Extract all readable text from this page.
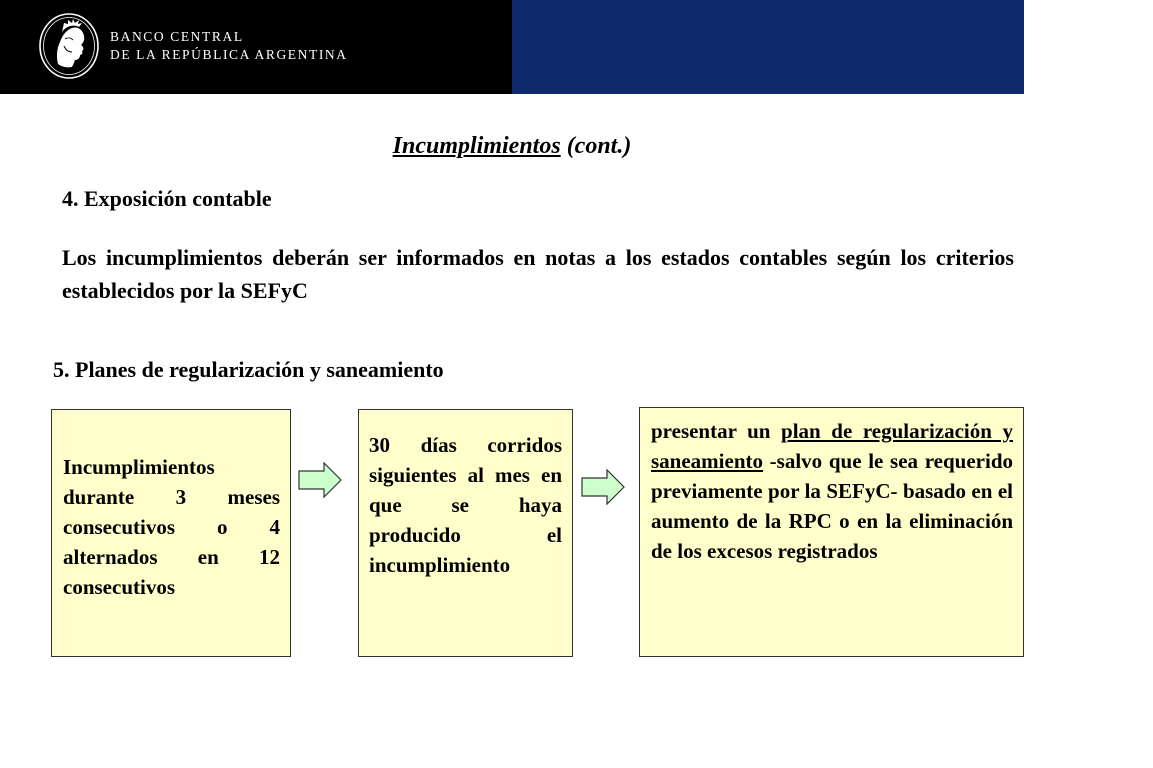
BANCO CENTRAL
DE LA REPÚBLICA ARGENTINA
Inmovilización de activos y otros conceptos
Cajas de crédito cooperativas (Ley 23.176)
Incumplimientos (cont.)
4. Exposición contable
Los incumplimientos deberán ser informados en notas a los estados contables según los criterios establecidos por la SEFyC
5. Planes de regularización y saneamiento
Incumplimientos durante 3 meses consecutivos o 4 alternados en 12 consecutivos
30 días corridos siguientes al mes en que se haya producido el incumplimiento
presentar un plan de regularización y saneamiento -salvo que le sea requerido previamente por la SEFyC- basado en el aumento de la RPC o en la eliminación de los excesos registrados
